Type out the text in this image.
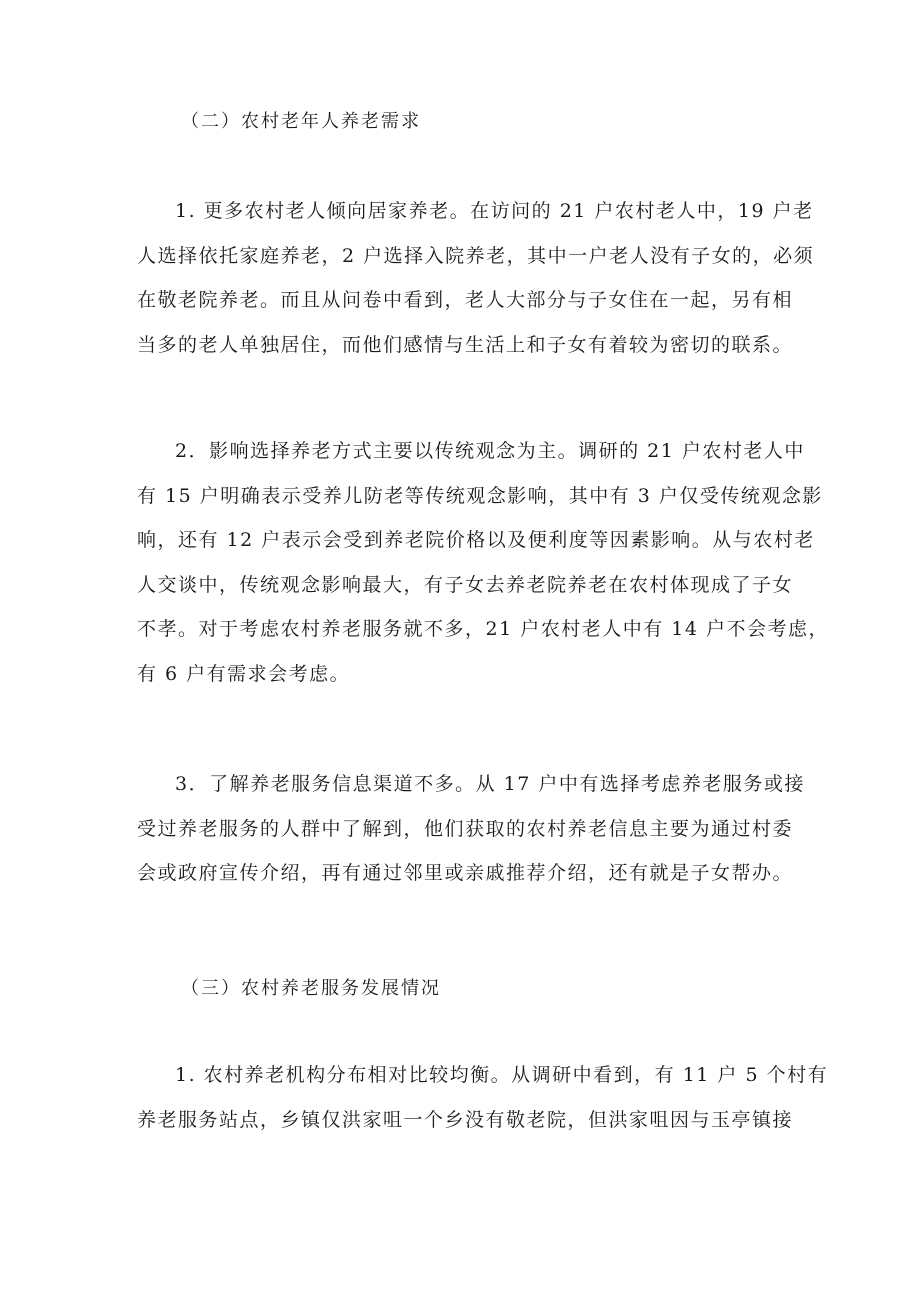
（二）农村老年人养老需求
1. 更多农村老人倾向居家养老。在访问的 21 户农村老人中，19 户老
人选择依托家庭养老，2 户选择入院养老，其中一户老人没有子女的，必须
在敬老院养老。而且从问卷中看到，老人大部分与子女住在一起，另有相
当多的老人单独居住，而他们感情与生活上和子女有着较为密切的联系。
2．影响选择养老方式主要以传统观念为主。调研的 21 户农村老人中
有 15 户明确表示受养儿防老等传统观念影响，其中有 3 户仅受传统观念影
响，还有 12 户表示会受到养老院价格以及便利度等因素影响。从与农村老
人交谈中，传统观念影响最大，有子女去养老院养老在农村体现成了子女
不孝。对于考虑农村养老服务就不多，21 户农村老人中有 14 户不会考虑，
有 6 户有需求会考虑。
3．了解养老服务信息渠道不多。从 17 户中有选择考虑养老服务或接
受过养老服务的人群中了解到，他们获取的农村养老信息主要为通过村委
会或政府宣传介绍，再有通过邻里或亲戚推荐介绍，还有就是子女帮办。
（三）农村养老服务发展情况
1. 农村养老机构分布相对比较均衡。从调研中看到，有 11 户 5 个村有
养老服务站点，乡镇仅洪家咀一个乡没有敬老院，但洪家咀因与玉亭镇接
